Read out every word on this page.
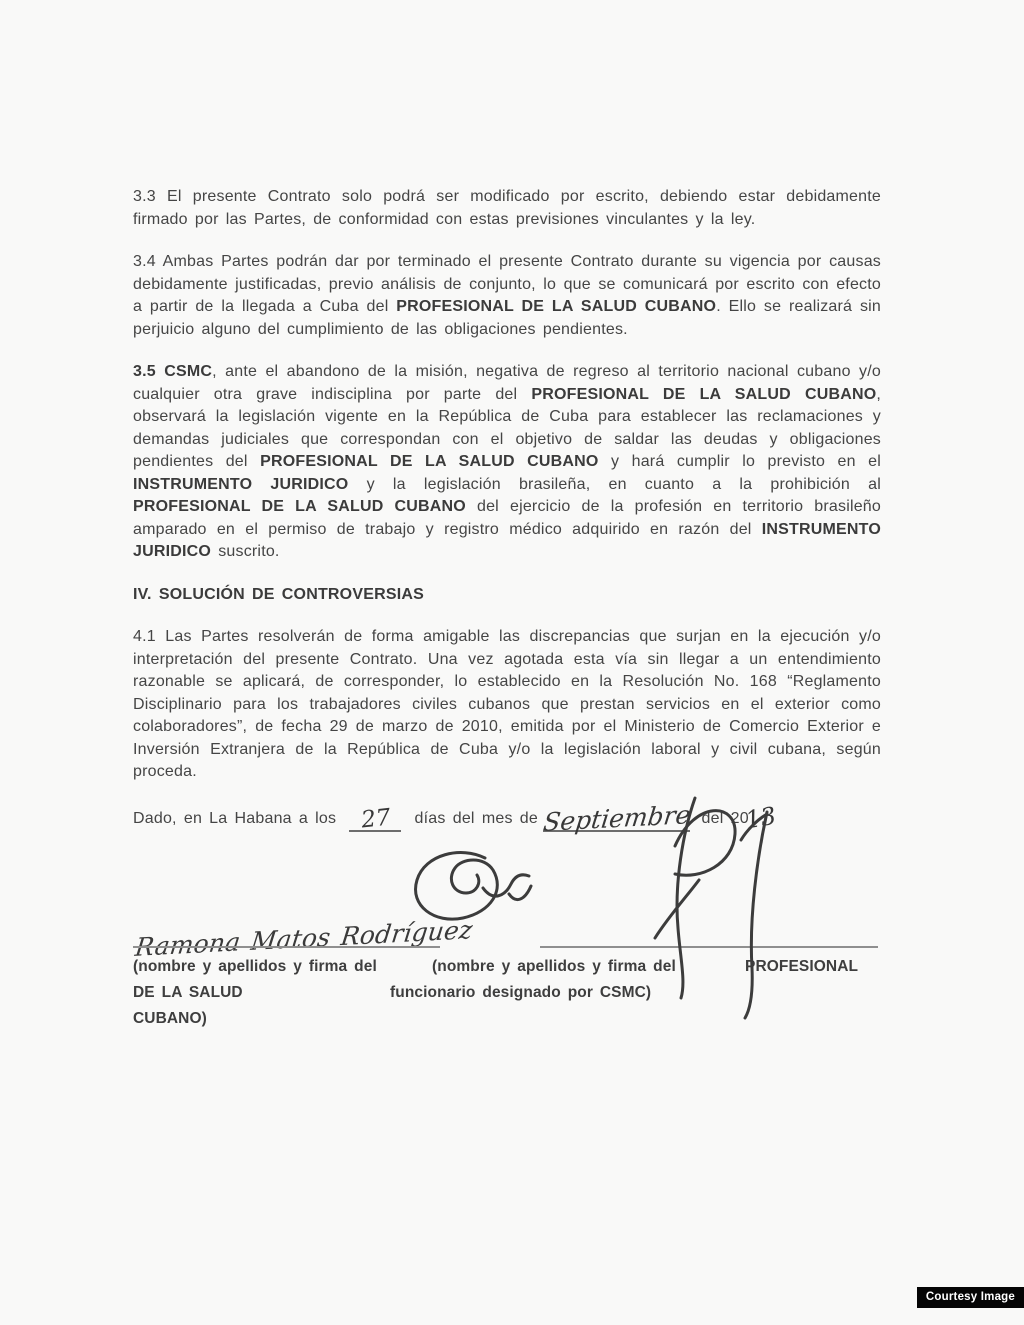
3.3 El presente Contrato solo podrá ser modificado por escrito, debiendo estar debidamente firmado por las Partes, de conformidad con estas previsiones vinculantes y la ley.

3.4 Ambas Partes podrán dar por terminado el presente Contrato durante su vigencia por causas debidamente justificadas, previo análisis de conjunto, lo que se comunicará por escrito con efecto a partir de la llegada a Cuba del PROFESIONAL DE LA SALUD CUBANO. Ello se realizará sin perjuicio alguno del cumplimiento de las obligaciones pendientes.

3.5 CSMC, ante el abandono de la misión, negativa de regreso al territorio nacional cubano y/o cualquier otra grave indisciplina por parte del PROFESIONAL DE LA SALUD CUBANO, observará la legislación vigente en la República de Cuba para establecer las reclamaciones y demandas judiciales que correspondan con el objetivo de saldar las deudas y obligaciones pendientes del PROFESIONAL DE LA SALUD CUBANO y hará cumplir lo previsto en el INSTRUMENTO JURIDICO y la legislación brasileña, en cuanto a la prohibición al PROFESIONAL DE LA SALUD CUBANO del ejercicio de la profesión en territorio brasileño amparado en el permiso de trabajo y registro médico adquirido en razón del INSTRUMENTO JURIDICO suscrito.

IV. SOLUCIÓN DE CONTROVERSIAS

4.1 Las Partes resolverán de forma amigable las discrepancias que surjan en la ejecución y/o interpretación del presente Contrato. Una vez agotada esta vía sin llegar a un entendimiento razonable se aplicará, de corresponder, lo establecido en la Resolución No. 168 “Reglamento Disciplinario para los trabajadores civiles cubanos que prestan servicios en el exterior como colaboradores”, de fecha 29 de marzo de 2010, emitida por el Ministerio de Comercio Exterior e Inversión Extranjera de la República de Cuba y/o la legislación laboral y civil cubana, según proceda.

Dado, en La Habana a los 27 días del mes de Septiembre del 2013
Ramona Matos Rodríguez
(nombre y apellidos y firma del	(nombre y apellidos y firma del	PROFESIONAL
DE LA SALUD	funcionario designado por CSMC)
CUBANO)
Courtesy Image
